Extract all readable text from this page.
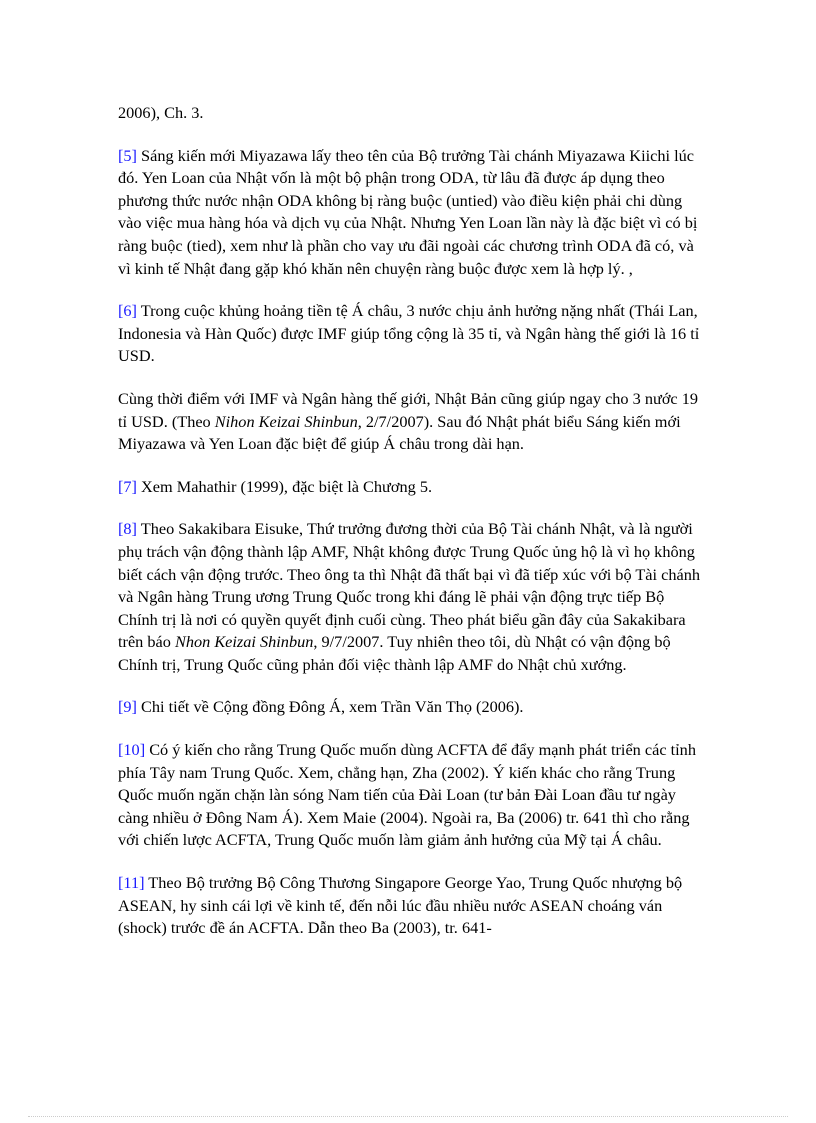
2006), Ch. 3.

[5] Sáng kiến mới Miyazawa lấy theo tên của Bộ trưởng Tài chánh Miyazawa Kiichi lúc đó. Yen Loan của Nhật vốn là một bộ phận trong ODA, từ lâu đã được áp dụng theo phương thức nước nhận ODA không bị ràng buộc (untied) vào điều kiện phải chi dùng vào việc mua hàng hóa và dịch vụ của Nhật. Nhưng Yen Loan lần này là đặc biệt vì có bị ràng buộc (tied), xem như là phần cho vay ưu đãi ngoài các chương trình ODA đã có, và vì kinh tế Nhật đang gặp khó khăn nên chuyện ràng buộc được xem là hợp lý. ,

[6] Trong cuộc khủng hoảng tiền tệ Á châu, 3 nước chịu ảnh hưởng nặng nhất (Thái Lan, Indonesia và Hàn Quốc) được IMF giúp tổng cộng là 35 tỉ, và Ngân hàng thế giới là 16 tỉ USD.

Cùng thời điểm với IMF và Ngân hàng thế giới, Nhật Bản cũng giúp ngay cho 3 nước 19 tỉ USD. (Theo Nihon Keizai Shinbun, 2/7/2007). Sau đó Nhật phát biểu Sáng kiến mới Miyazawa và Yen Loan đặc biệt để giúp Á châu trong dài hạn.

[7] Xem Mahathir (1999), đặc biệt là Chương 5.

[8] Theo Sakakibara Eisuke, Thứ trưởng đương thời của Bộ Tài chánh Nhật, và là người phụ trách vận động thành lập AMF, Nhật không được Trung Quốc ủng hộ là vì họ không biết cách vận động trước. Theo ông ta thì Nhật đã thất bại vì đã tiếp xúc với bộ Tài chánh và Ngân hàng Trung ương Trung Quốc trong khi đáng lẽ phải vận động trực tiếp Bộ Chính trị là nơi có quyền quyết định cuối cùng. Theo phát biểu gần đây của Sakakibara trên báo Nhon Keizai Shinbun, 9/7/2007. Tuy nhiên theo tôi, dù Nhật có vận động bộ Chính trị, Trung Quốc cũng phản đối việc thành lập AMF do Nhật chủ xướng.

[9] Chi tiết về Cộng đồng Đông Á, xem Trần Văn Thọ (2006).

[10] Có ý kiến cho rằng Trung Quốc muốn dùng ACFTA để đẩy mạnh phát triển các tỉnh phía Tây nam Trung Quốc. Xem, chẳng hạn, Zha (2002). Ý kiến khác cho rằng Trung Quốc muốn ngăn chặn làn sóng Nam tiến của Đài Loan (tư bản Đài Loan đầu tư ngày càng nhiều ở Đông Nam Á). Xem Maie (2004). Ngoài ra, Ba (2006) tr. 641 thì cho rằng với chiến lược ACFTA, Trung Quốc muốn làm giảm ảnh hưởng của Mỹ tại Á châu.

[11] Theo Bộ trưởng Bộ Công Thương Singapore George Yao, Trung Quốc nhượng bộ ASEAN, hy sinh cái lợi về kinh tế, đến nỗi lúc đầu nhiều nước ASEAN choáng ván (shock) trước đề án ACFTA. Dẫn theo Ba (2003), tr. 641-
